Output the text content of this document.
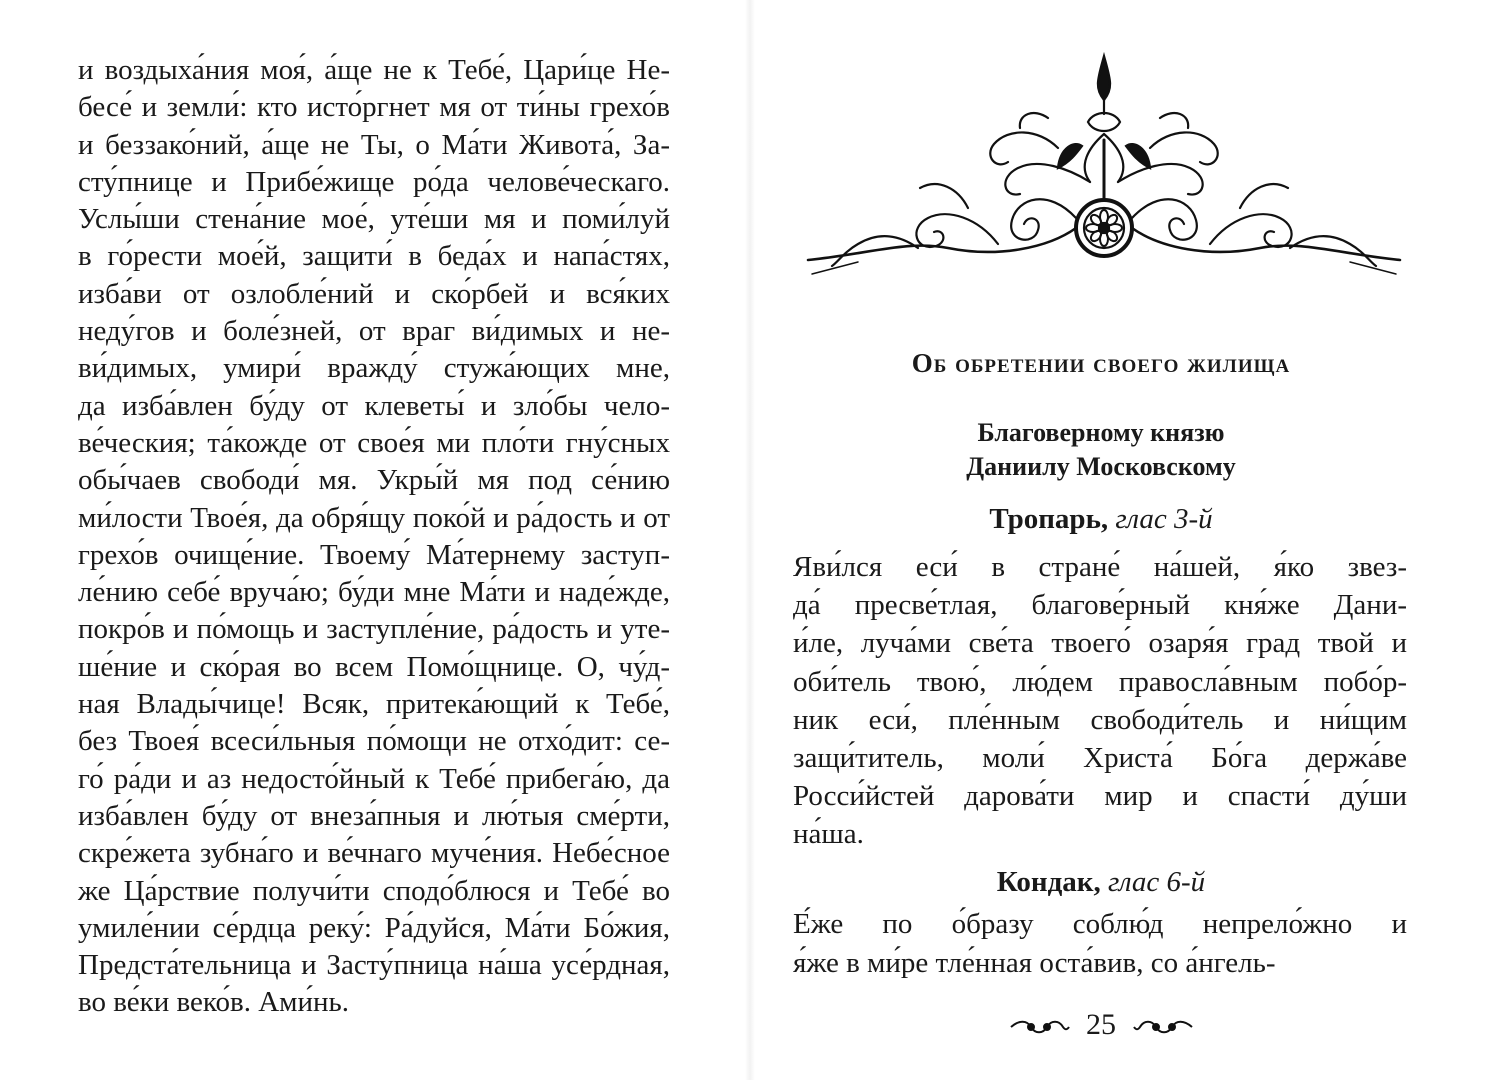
и воздыха́ния моя́, а́ще не к Тебе́, Цари́це Не-
бесе́ и земли́: кто исто́ргнет мя от ти́ны грехо́в
и беззако́ний, а́ще не Ты, о Ма́ти Живота́, За-
сту́пнице и Прибе́жище ро́да челове́ческаго.
Услы́ши стена́ние мое́, уте́ши мя и поми́луй
в го́рести мое́й, защити́ в беда́х и напа́стях,
изба́ви от озлобле́ний и ско́рбей и вся́ких
неду́гов и боле́зней, от враг ви́димых и не-
ви́димых, умири́ вражду́ стужа́ющих мне,
да изба́влен бу́ду от клеветы́ и зло́бы чело-
ве́ческия; та́кожде от свое́я ми пло́ти гну́сных
обы́чаев свободи́ мя. Укры́й мя под се́нию
ми́лости Твое́я, да обря́щу поко́й и ра́дость и от
грехо́в очище́ние. Твоему́ Ма́тернему заступ-
ле́нию себе́ вруча́ю; бу́ди мне Ма́ти и наде́жде,
покро́в и по́мощь и заступле́ние, ра́дость и уте-
ше́ние и ско́рая во всем Помо́щнице. О, чу́д-
ная Влады́чице! Всяк, притека́ющий к Тебе́,
без Твоея́ всеси́льныя по́мощи не отхо́дит: се-
го́ ра́ди и аз недосто́йный к Тебе́ прибега́ю, да
изба́влен бу́ду от внеза́пныя и лю́тыя сме́рти,
скре́жета зубна́го и ве́чнаго муче́ния. Небе́сное
же Ца́рствие получи́ти сподо́блюся и Тебе́ во
умиле́нии се́рдца реку́: Ра́дуйся, Ма́ти Бо́жия,
Предста́тельница и Засту́пница на́ша усе́рдная,
во ве́ки веко́в. Ами́нь.
Об обретении своего жилища
Благоверному князю
Даниилу Московскому
Тропарь, глас 3-й
Яви́лся еси́ в стране́ на́шей, я́ко звез-
да́ пресве́тлая, благове́рный кня́же Дани-
и́ле, луча́ми све́та твоего́ озаря́я град твой и
оби́тель твою́, лю́дем правосла́вным побо́р-
ник еси́, пле́нным свободи́тель и ни́щим
защи́титель, моли́ Христа́ Бо́га держа́ве
Росси́йстей дарова́ти мир и спасти́ ду́ши
на́ша.
Кондак, глас 6-й
Е́же по о́бразу соблю́д непрело́жно и
я́же в ми́ре тле́нная оста́вив, со а́нгель-
25
